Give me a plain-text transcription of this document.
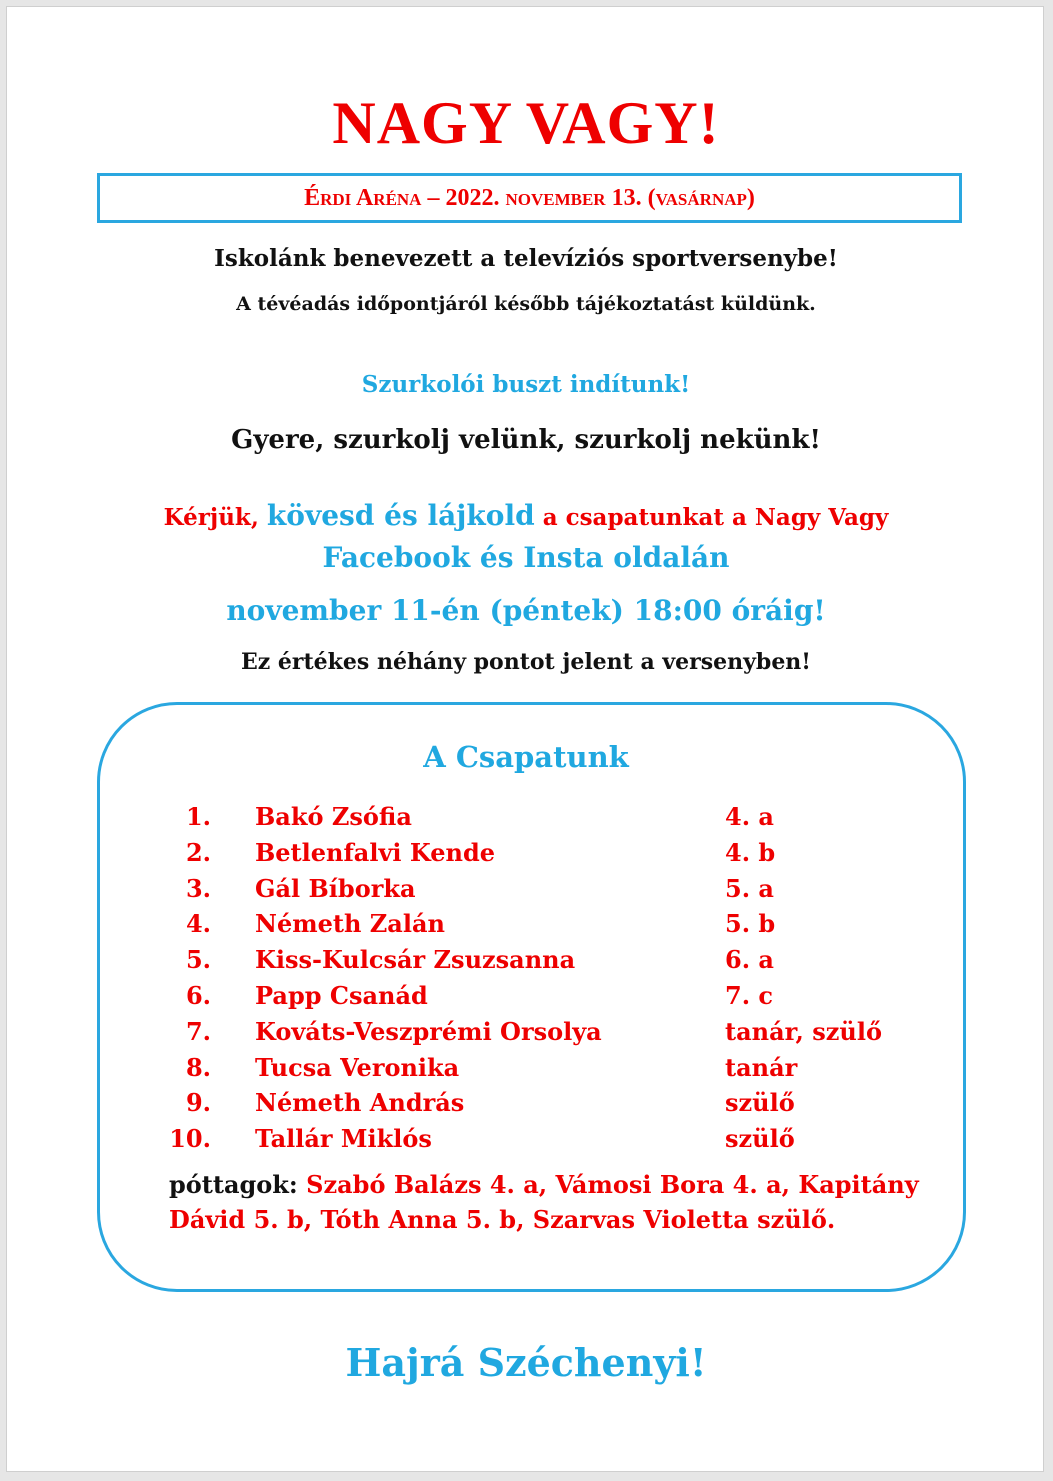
NAGY VAGY!
Érdi Aréna – 2022. november 13. (vasárnap)
Iskolánk benevezett a televíziós sportversenybe!
A tévéadás időpontjáról később tájékoztatást küldünk.
Szurkolói buszt indítunk!
Gyere, szurkolj velünk, szurkolj nekünk!
Kérjük, kövesd és lájkold a csapatunkat a Nagy Vagy
Facebook és Insta oldalán
november 11-én (péntek) 18:00 óráig!
Ez értékes néhány pontot jelent a versenyben!
A Csapatunk
1. Bakó Zsófia	4. a
2. Betlenfalvi Kende	4. b
3. Gál Bíborka	5. a
4. Németh Zalán	5. b
5. Kiss-Kulcsár Zsuzsanna	6. a
6. Papp Csanád	7. c
7. Kováts-Veszprémi Orsolya	tanár, szülő
8. Tucsa Veronika	tanár
9. Németh András	szülő
10. Tallár Miklós	szülő
póttagok: Szabó Balázs 4. a, Vámosi Bora 4. a, Kapitány Dávid 5. b, Tóth Anna 5. b, Szarvas Violetta szülő.
Hajrá Széchenyi!
